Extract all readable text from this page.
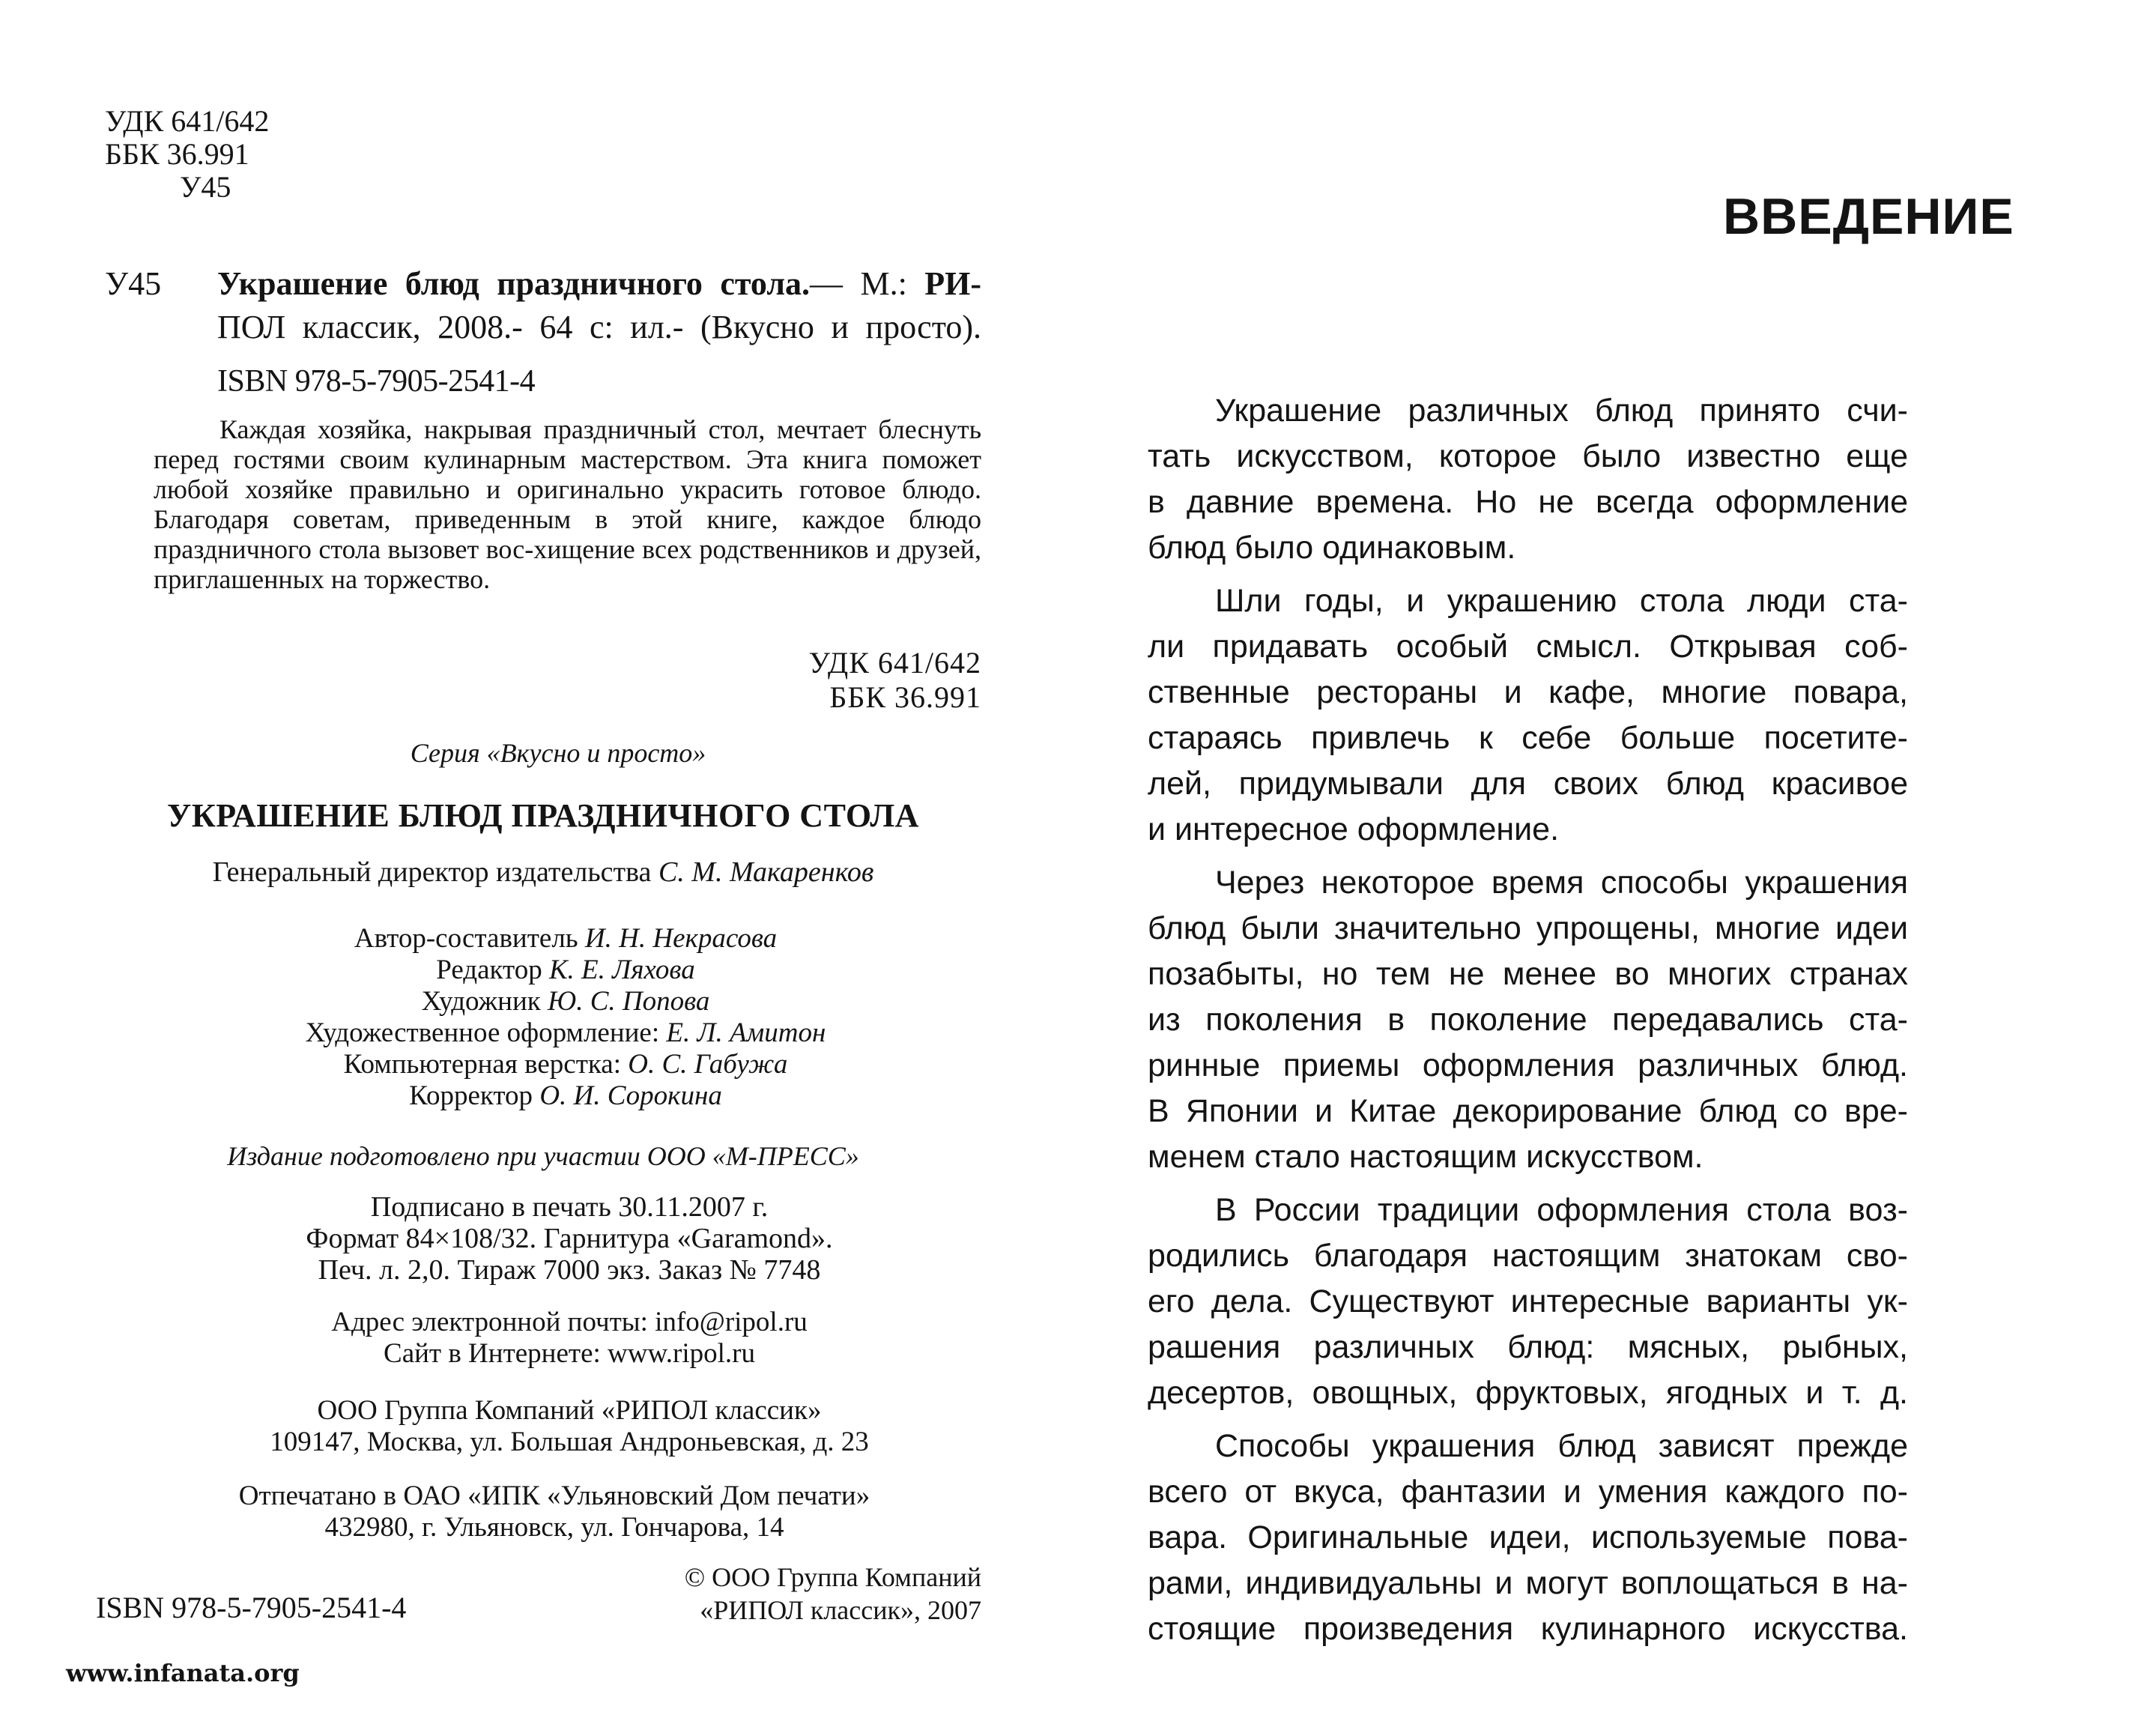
УДК 641/642
ББК 36.991
У45
У45	Украшение блюд праздничного стола.— М.: РИ-
ПОЛ классик, 2008.- 64 с: ил.- (Вкусно и просто).
ISBN 978-5-7905-2541-4
Каждая хозяйка, накрывая праздничный стол, мечтает блеснуть перед гостями своим кулинарным мастерством. Эта книга поможет любой хозяйке правильно и оригинально украсить готовое блюдо. Благодаря советам, приведенным в этой книге, каждое блюдо праздничного стола вызовет вос-хищение всех родственников и друзей, приглашенных на торжество.
УДК 641/642
ББК 36.991
Серия «Вкусно и просто»
УКРАШЕНИЕ БЛЮД ПРАЗДНИЧНОГО СТОЛА
Генеральный директор издательства С. М. Макаренков
Автор-составитель И. Н. Некрасова
Редактор К. Е. Ляхова
Художник Ю. С. Попова
Художественное оформление: Е. Л. Амитон
Компьютерная верстка: О. С. Габужа
Корректор О. И. Сорокина
Издание подготовлено при участии ООО «М-ПРЕСС»
Подписано в печать 30.11.2007 г.
Формат 84×108/32. Гарнитура «Garamond».
Печ. л. 2,0. Тираж 7000 экз. Заказ № 7748
Адрес электронной почты: info@ripol.ru
Сайт в Интернете: www.ripol.ru
ООО Группа Компаний «РИПОЛ классик»
109147, Москва, ул. Большая Андроньевская, д. 23
Отпечатано в ОАО «ИПК «Ульяновский Дом печати»
432980, г. Ульяновск, ул. Гончарова, 14
ISBN 978-5-7905-2541-4
© ООО Группа Компаний
«РИПОЛ классик», 2007
www.infanata.org
ВВЕДЕНИЕ
Украшение различных блюд принято счи-
тать искусством, которое было известно еще
в давние времена. Но не всегда оформление
блюд было одинаковым.
Шли годы, и украшению стола люди ста-
ли придавать особый смысл. Открывая соб-
ственные рестораны и кафе, многие повара,
стараясь привлечь к себе больше посетите-
лей, придумывали для своих блюд красивое
и интересное оформление.
Через некоторое время способы украшения
блюд были значительно упрощены, многие идеи
позабыты, но тем не менее во многих странах
из поколения в поколение передавались ста-
ринные приемы оформления различных блюд.
В Японии и Китае декорирование блюд со вре-
менем стало настоящим искусством.
В России традиции оформления стола воз-
родились благодаря настоящим знатокам сво-
его дела. Существуют интересные варианты ук-
рашения различных блюд: мясных, рыбных,
десертов, овощных, фруктовых, ягодных и т. д.
Способы украшения блюд зависят прежде
всего от вкуса, фантазии и умения каждого по-
вара. Оригинальные идеи, используемые пова-
рами, индивидуальны и могут воплощаться в на-
стоящие произведения кулинарного искусства.
